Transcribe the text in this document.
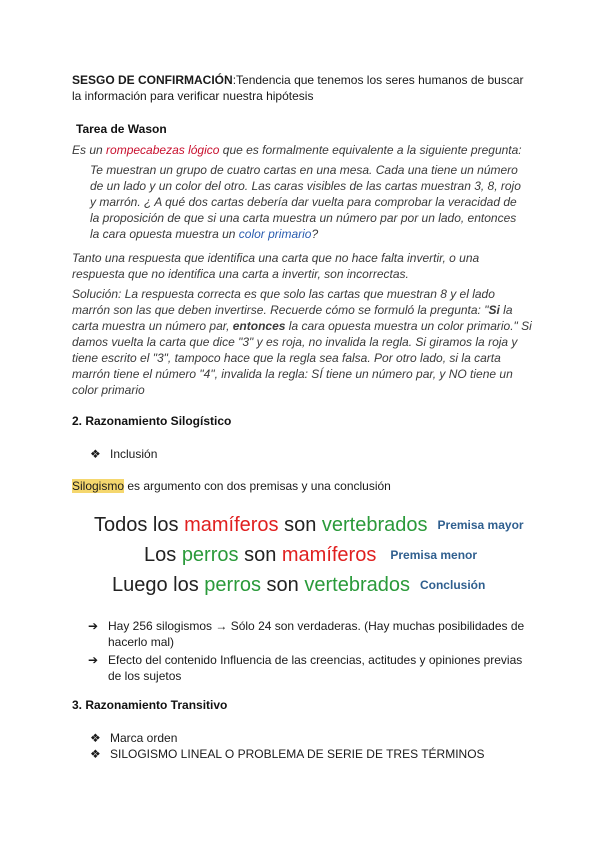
SESGO DE CONFIRMACIÓN:Tendencia que tenemos los seres humanos de buscar la información para verificar nuestra hipótesis
Tarea de Wason
Es un rompecabezas lógico que es formalmente equivalente a la siguiente pregunta:
Te muestran un grupo de cuatro cartas en una mesa. Cada una tiene un número de un lado y un color del otro. Las caras visibles de las cartas muestran 3, 8, rojo y marrón. ¿ A qué dos cartas debería dar vuelta para comprobar la veracidad de la proposición de que si una carta muestra un número par por un lado, entonces la cara opuesta muestra un color primario?
Tanto una respuesta que identifica una carta que no hace falta invertir, o una respuesta que no identifica una carta a invertir, son incorrectas.
Solución: La respuesta correcta es que solo las cartas que muestran 8 y el lado marrón son las que deben invertirse. Recuerde cómo se formuló la pregunta: "Si la carta muestra un número par, entonces la cara opuesta muestra un color primario." Si damos vuelta la carta que dice "3" y es roja, no invalida la regla. Si giramos la roja y tiene escrito el "3", tampoco hace que la regla sea falsa. Por otro lado, si la carta marrón tiene el número "4", invalida la regla: SÍ tiene un número par, y NO tiene un color primario
2. Razonamiento Silogístico
❖ Inclusión
Silogismo es argumento con dos premisas y una conclusión
Todos los mamíferos son vertebrados Premisa mayor
Los perros son mamíferos Premisa menor
Luego los perros son vertebrados Conclusión
➔ Hay 256 silogismos → Sólo 24 son verdaderas. (Hay muchas posibilidades de hacerlo mal)
➔ Efecto del contenido Influencia de las creencias, actitudes y opiniones previas de los sujetos
3. Razonamiento Transitivo
❖ Marca orden
❖ SILOGISMO LINEAL O PROBLEMA DE SERIE DE TRES TÉRMINOS
